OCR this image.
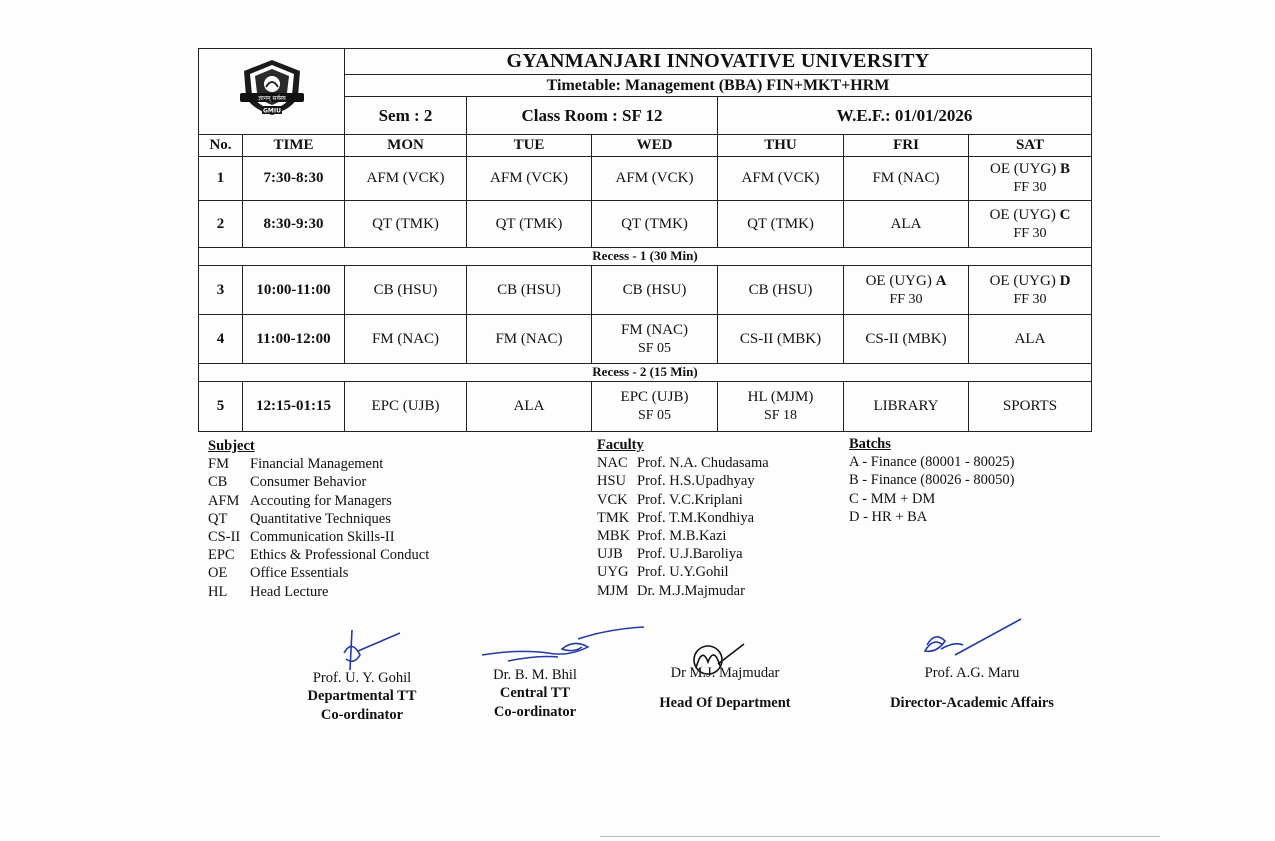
ज्ञानम् सर्वस्य
GMIU		GYANMANJARI INNOVATIVE UNIVERSITY					
		Timetable: Management (BBA) FIN+MKT+HRM					
		Sem : 2	Class Room : SF 12		W.E.F.: 01/01/2026		
No.	TIME	MON	TUE	WED	THU	FRI	SAT
1	7:30-8:30	AFM (VCK)	AFM (VCK)	AFM (VCK)	AFM (VCK)	FM (NAC)	OE (UYG) B
FF 30

2	8:30-9:30	QT (TMK)	QT (TMK)	QT (TMK)	QT (TMK)	ALA	OE (UYG) C
FF 30

Recess - 1 (30 Min)							
3	10:00-11:00	CB (HSU)	CB (HSU)	CB (HSU)	CB (HSU)	OE (UYG) A
FF 30	OE (UYG) D
FF 30

4	11:00-12:00	FM (NAC)	FM (NAC)	FM (NAC)
SF 05	CS-II (MBK)	CS-II (MBK)	ALA
Recess - 2 (15 Min)							
5	12:15-01:15	EPC (UJB)	ALA	EPC (UJB)
SF 05	HL (MJM)
SF 18	LIBRARY	SPORTS
Subject
FM Financial Management
CB Consumer Behavior
AFM Accouting for Managers
QT Quantitative Techniques
CS-II Communication Skills-II
EPC Ethics & Professional Conduct
OE Office Essentials
HL Head Lecture
Faculty
NAC Prof. N.A. Chudasama
HSU Prof. H.S.Upadhyay
VCK Prof. V.C.Kriplani
TMK Prof. T.M.Kondhiya
MBK Prof. M.B.Kazi
UJB Prof. U.J.Baroliya
UYG Prof. U.Y.Gohil
MJM Dr. M.J.Majmudar
Batchs
A - Finance (80001 - 80025)
B - Finance (80026 - 80050)
C - MM + DM
D - HR + BA
Prof. U. Y. Gohil
Departmental TT
Co-ordinator
Dr. B. M. Bhil
Central TT
Co-ordinator
Dr M.J. Majmudar
Head Of Department
Prof. A.G. Maru
Director-Academic Affairs
